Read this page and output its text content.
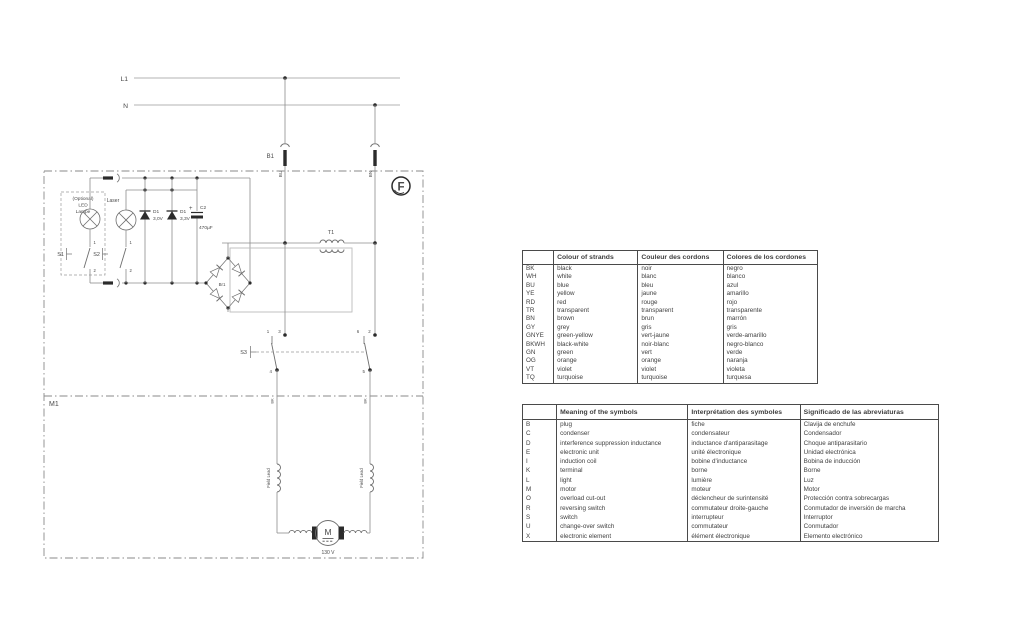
L1
N
B1
BU	BN
M1
F
(Optional)
LED
Lampe
1
2
S1
Laser
1
2
S2
D1
3,0V
D1
3,3V
+ C2
470µF
Br1
T1
1 3	6 2
S3
4	5
BK	BK
Field Lead	Field Lead
M
130 V
	Colour of strands	Couleur des cordons	Colores de los cordones
BK	black	noir	negro
WH	white	blanc	blanco
BU	blue	bleu	azul
YE	yellow	jaune	amarillo
RD	red	rouge	rojo
TR	transparent	transparent	transparente
BN	brown	brun	marrón
GY	grey	gris	gris
GNYE	green-yellow	vert-jaune	verde-amarillo
BKWH	black-white	noir-blanc	negro-blanco
GN	green	vert	verde
OG	orange	orange	naranja
VT	violet	violet	violeta
TQ	turquoise	turquoise	turquesa
	Meaning of the symbols	Interprétation des symboles	Significado de las abreviaturas
B	plug	fiche	Clavija de enchufe
C	condenser	condensateur	Condensador
D	interference suppression inductance	inductance d'antiparasitage	Choque antiparasitario
E	electronic unit	unité électronique	Unidad electrónica
I	induction coil	bobine d'inductance	Bobina de inducción
K	terminal	borne	Borne
L	light	lumière	Luz
M	motor	moteur	Motor
O	overload cut-out	déclencheur de surintensité	Protección contra sobrecargas
R	reversing switch	commutateur droite-gauche	Conmutador de inversión de marcha
S	switch	interrupteur	Interruptor
U	change-over switch	commutateur	Conmutador
X	electronic element	élément électronique	Elemento electrónico
